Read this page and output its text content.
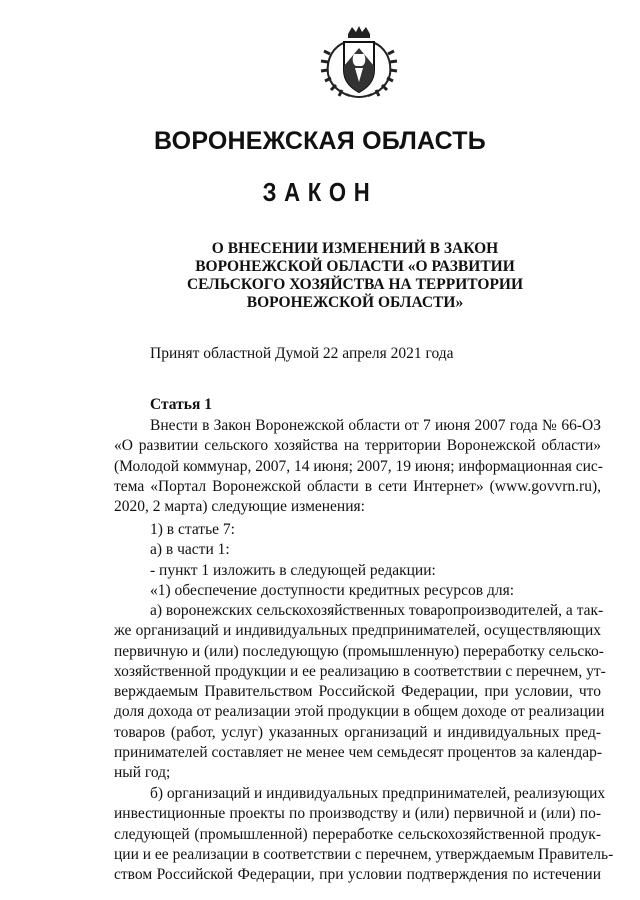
ВОРОНЕЖСКАЯ ОБЛАСТЬ
ЗАКОН
О ВНЕСЕНИИ ИЗМЕНЕНИЙ В ЗАКОН
ВОРОНЕЖСКОЙ ОБЛАСТИ «О РАЗВИТИИ
СЕЛЬСКОГО ХОЗЯЙСТВА НА ТЕРРИТОРИИ
ВОРОНЕЖСКОЙ ОБЛАСТИ»
Принят областной Думой 22 апреля 2021 года
Статья 1
Внести в Закон Воронежской области от 7 июня 2007 года № 66-ОЗ
«О развитии сельского хозяйства на территории Воронежской области»
(Молодой коммунар, 2007, 14 июня; 2007, 19 июня; информационная сис-
тема «Портал Воронежской области в сети Интернет» (www.govvrn.ru),
2020, 2 марта) следующие изменения:
1) в статье 7:
а) в части 1:
- пункт 1 изложить в следующей редакции:
«1) обеспечение доступности кредитных ресурсов для:
а) воронежских сельскохозяйственных товаропроизводителей, а так-
же организаций и индивидуальных предпринимателей, осуществляющих
первичную и (или) последующую (промышленную) переработку сельско-
хозяйственной продукции и ее реализацию в соответствии с перечнем, ут-
верждаемым Правительством Российской Федерации, при условии, что
доля дохода от реализации этой продукции в общем доходе от реализации
товаров (работ, услуг) указанных организаций и индивидуальных пред-
принимателей составляет не менее чем семьдесят процентов за календар-
ный год;
б) организаций и индивидуальных предпринимателей, реализующих
инвестиционные проекты по производству и (или) первичной и (или) по-
следующей (промышленной) переработке сельскохозяйственной продук-
ции и ее реализации в соответствии с перечнем, утверждаемым Правитель-
ством Российской Федерации, при условии подтверждения по истечении
